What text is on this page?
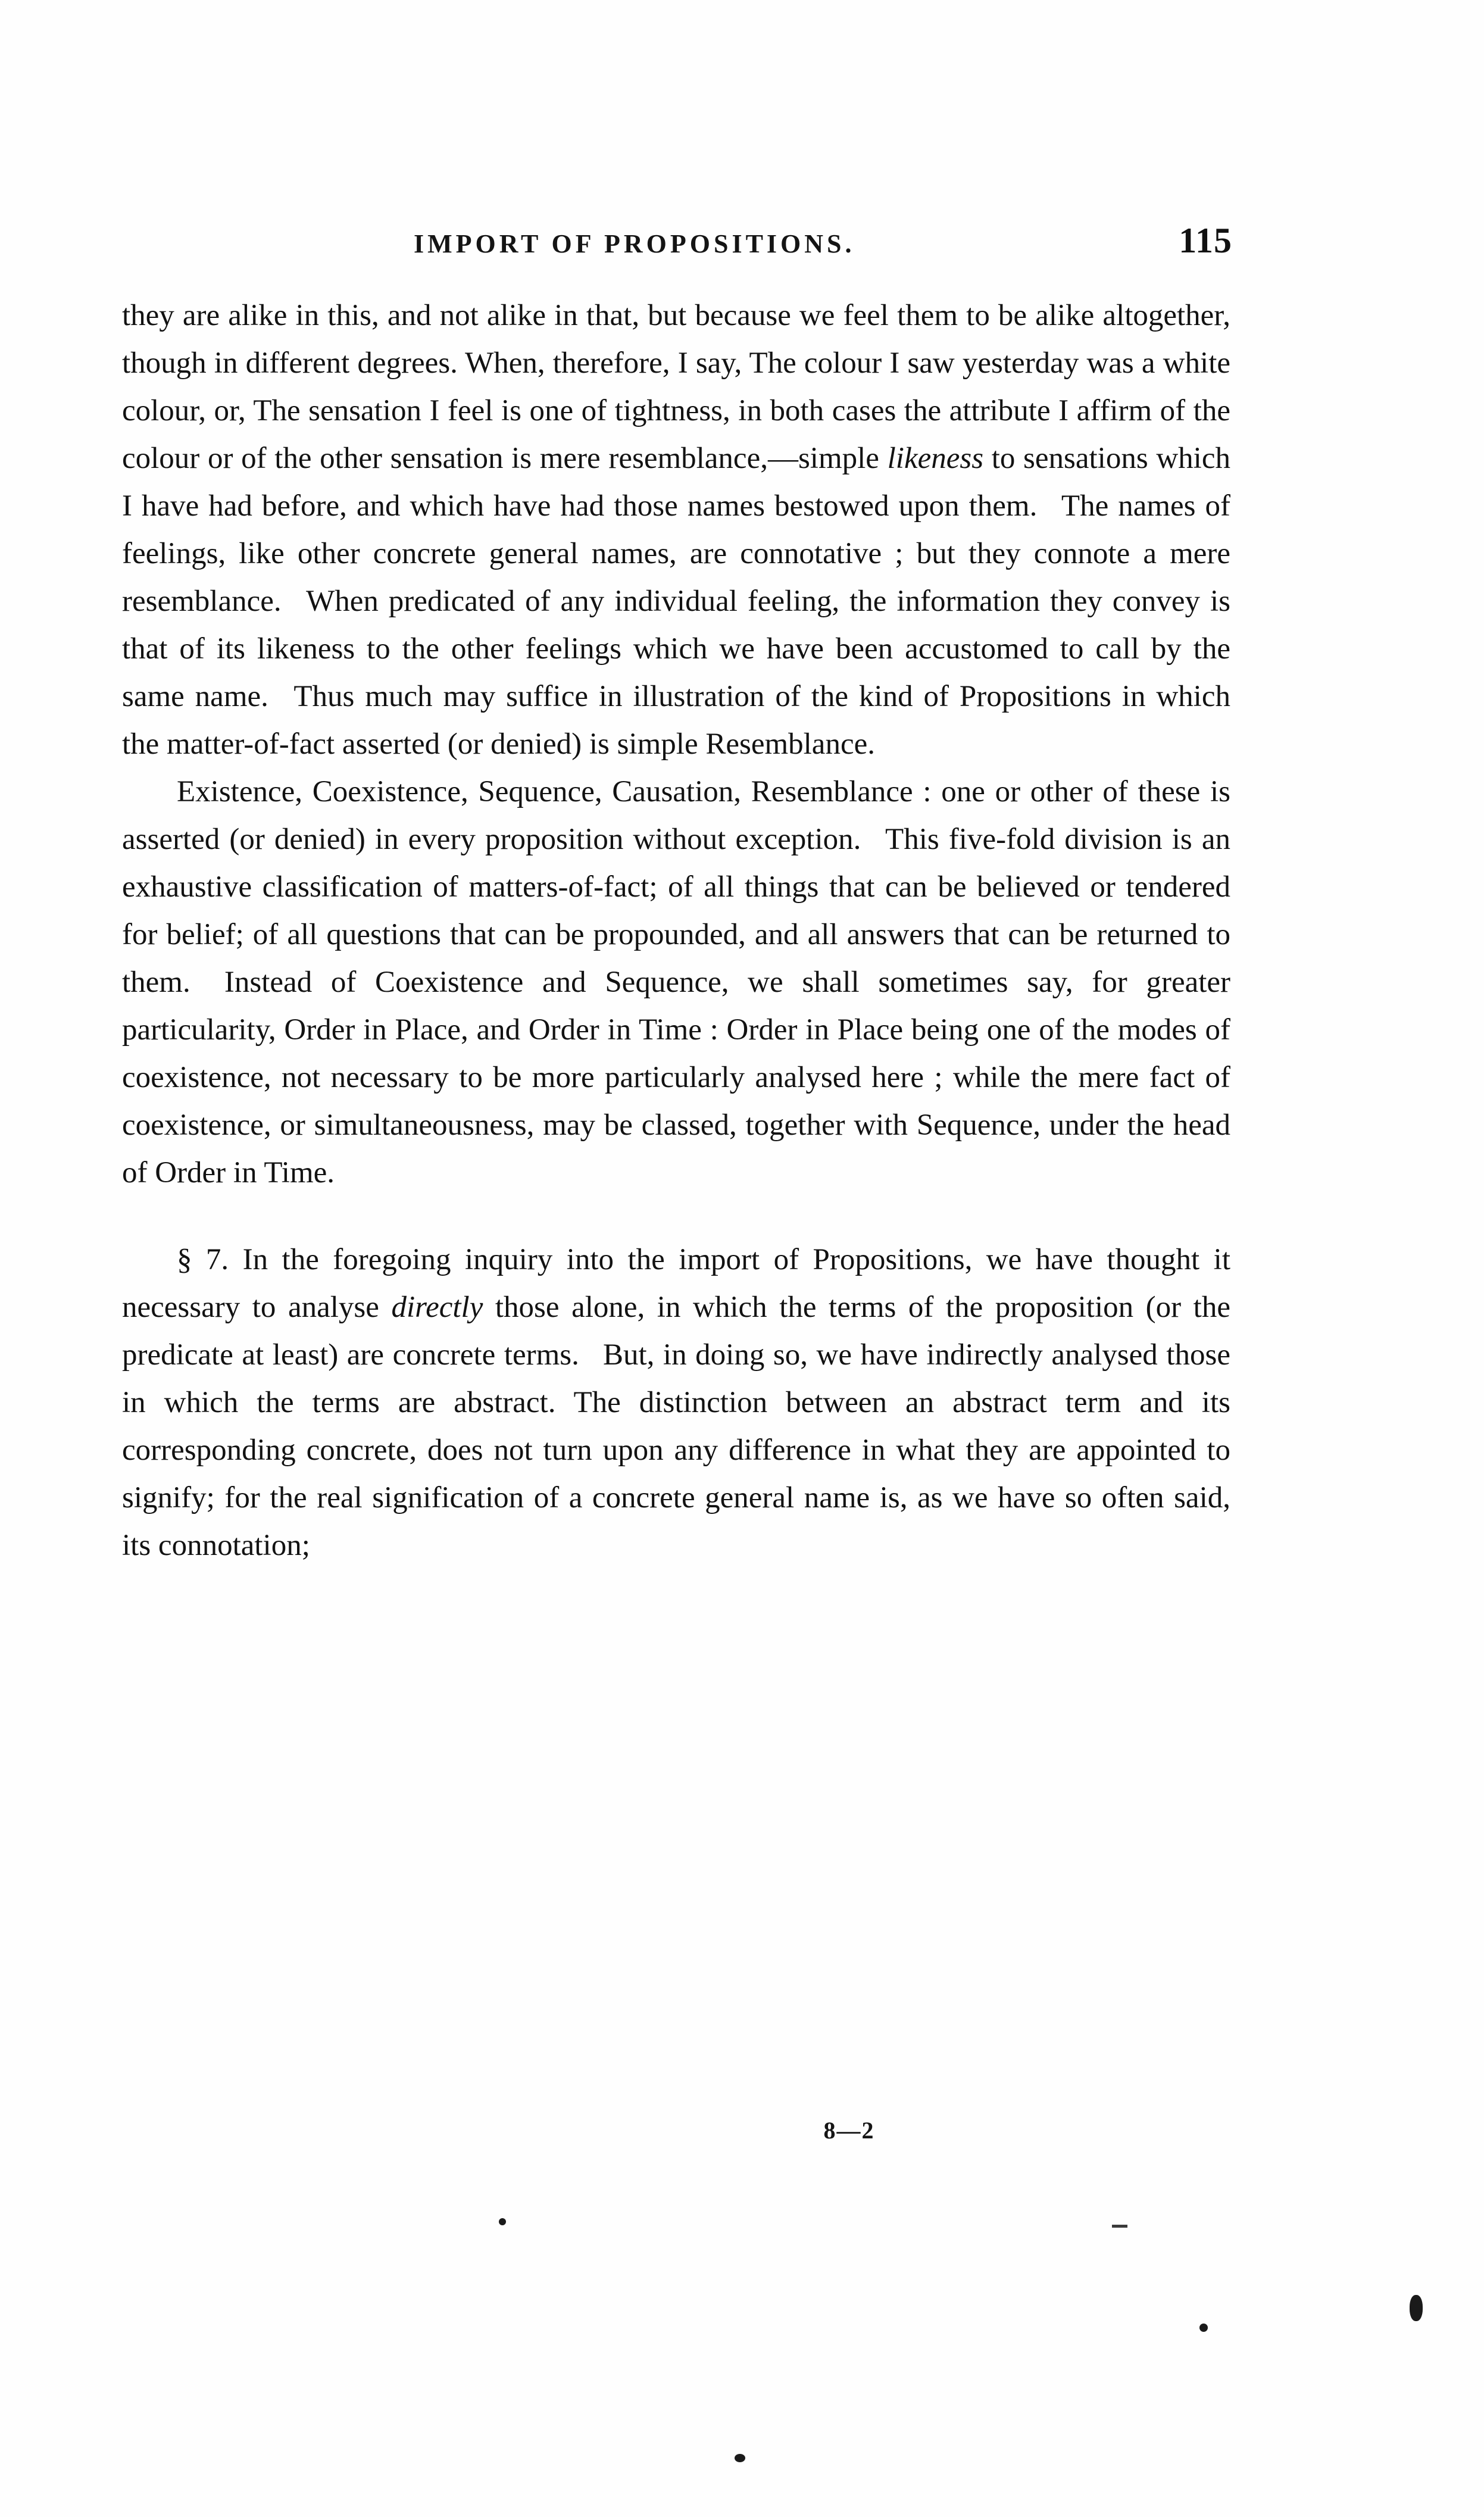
IMPORT OF PROPOSITIONS.	115

they are alike in this, and not alike in that, but because we feel them to be alike altogether, though in different degrees. When, therefore, I say, The colour I saw yesterday was a white colour, or, The sensation I feel is one of tightness, in both cases the attribute I affirm of the colour or of the other sensation is mere resemblance,—simple likeness to sensations which I have had before, and which have had those names bestowed upon them.  The names of feelings, like other concrete general names, are connotative ; but they connote a mere resemblance.  When predicated of any individual feeling, the information they convey is that of its likeness to the other feelings which we have been accustomed to call by the same name.  Thus much may suffice in illustration of the kind of Propositions in which the matter-of-fact asserted (or denied) is simple Resemblance.

Existence, Coexistence, Sequence, Causation, Resemblance : one or other of these is asserted (or denied) in every proposition without exception.  This five-fold division is an exhaustive classification of matters-of-fact; of all things that can be believed or tendered for belief; of all questions that can be propounded, and all answers that can be returned to them.  Instead of Coexistence and Sequence, we shall sometimes say, for greater particularity, Order in Place, and Order in Time : Order in Place being one of the modes of coexistence, not necessary to be more particularly analysed here ; while the mere fact of coexistence, or simultaneousness, may be classed, together with Sequence, under the head of Order in Time.

§ 7. In the foregoing inquiry into the import of Propositions, we have thought it necessary to analyse directly those alone, in which the terms of the proposition (or the predicate at least) are concrete terms.  But, in doing so, we have indirectly analysed those in which the terms are abstract. The distinction between an abstract term and its corresponding concrete, does not turn upon any difference in what they are appointed to signify; for the real signification of a concrete general name is, as we have so often said, its connotation;

8—2
